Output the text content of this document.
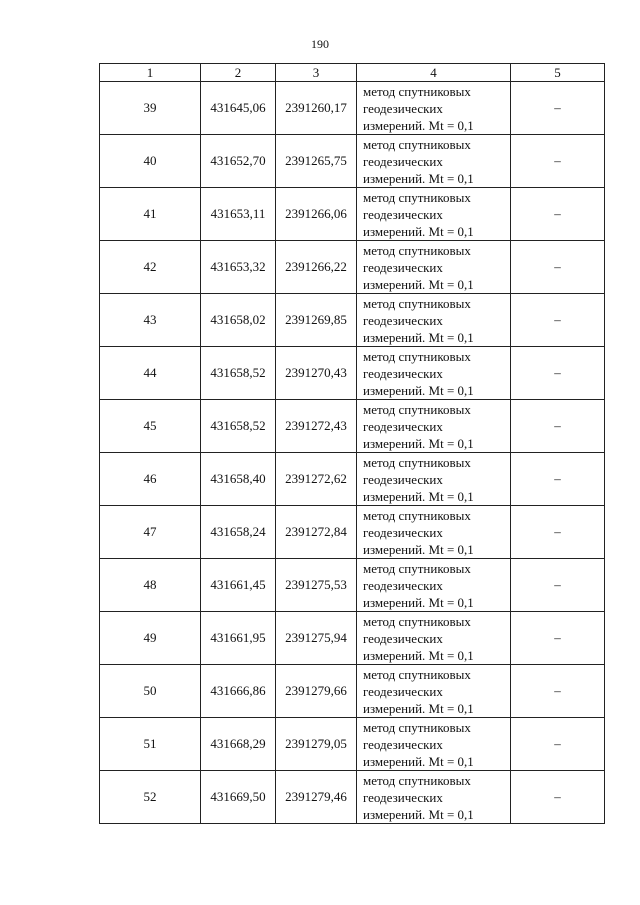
190
1	2	3	4	5
39	431645,06	2391260,17	метод спутниковых
геодезических
измерений. Mt = 0,1	–
40	431652,70	2391265,75	метод спутниковых
геодезических
измерений. Mt = 0,1	–
41	431653,11	2391266,06	метод спутниковых
геодезических
измерений. Mt = 0,1	–
42	431653,32	2391266,22	метод спутниковых
геодезических
измерений. Mt = 0,1	–
43	431658,02	2391269,85	метод спутниковых
геодезических
измерений. Mt = 0,1	–
44	431658,52	2391270,43	метод спутниковых
геодезических
измерений. Mt = 0,1	–
45	431658,52	2391272,43	метод спутниковых
геодезических
измерений. Mt = 0,1	–
46	431658,40	2391272,62	метод спутниковых
геодезических
измерений. Mt = 0,1	–
47	431658,24	2391272,84	метод спутниковых
геодезических
измерений. Mt = 0,1	–
48	431661,45	2391275,53	метод спутниковых
геодезических
измерений. Mt = 0,1	–
49	431661,95	2391275,94	метод спутниковых
геодезических
измерений. Mt = 0,1	–
50	431666,86	2391279,66	метод спутниковых
геодезических
измерений. Mt = 0,1	–
51	431668,29	2391279,05	метод спутниковых
геодезических
измерений. Mt = 0,1	–
52	431669,50	2391279,46	метод спутниковых
геодезических
измерений. Mt = 0,1	–
